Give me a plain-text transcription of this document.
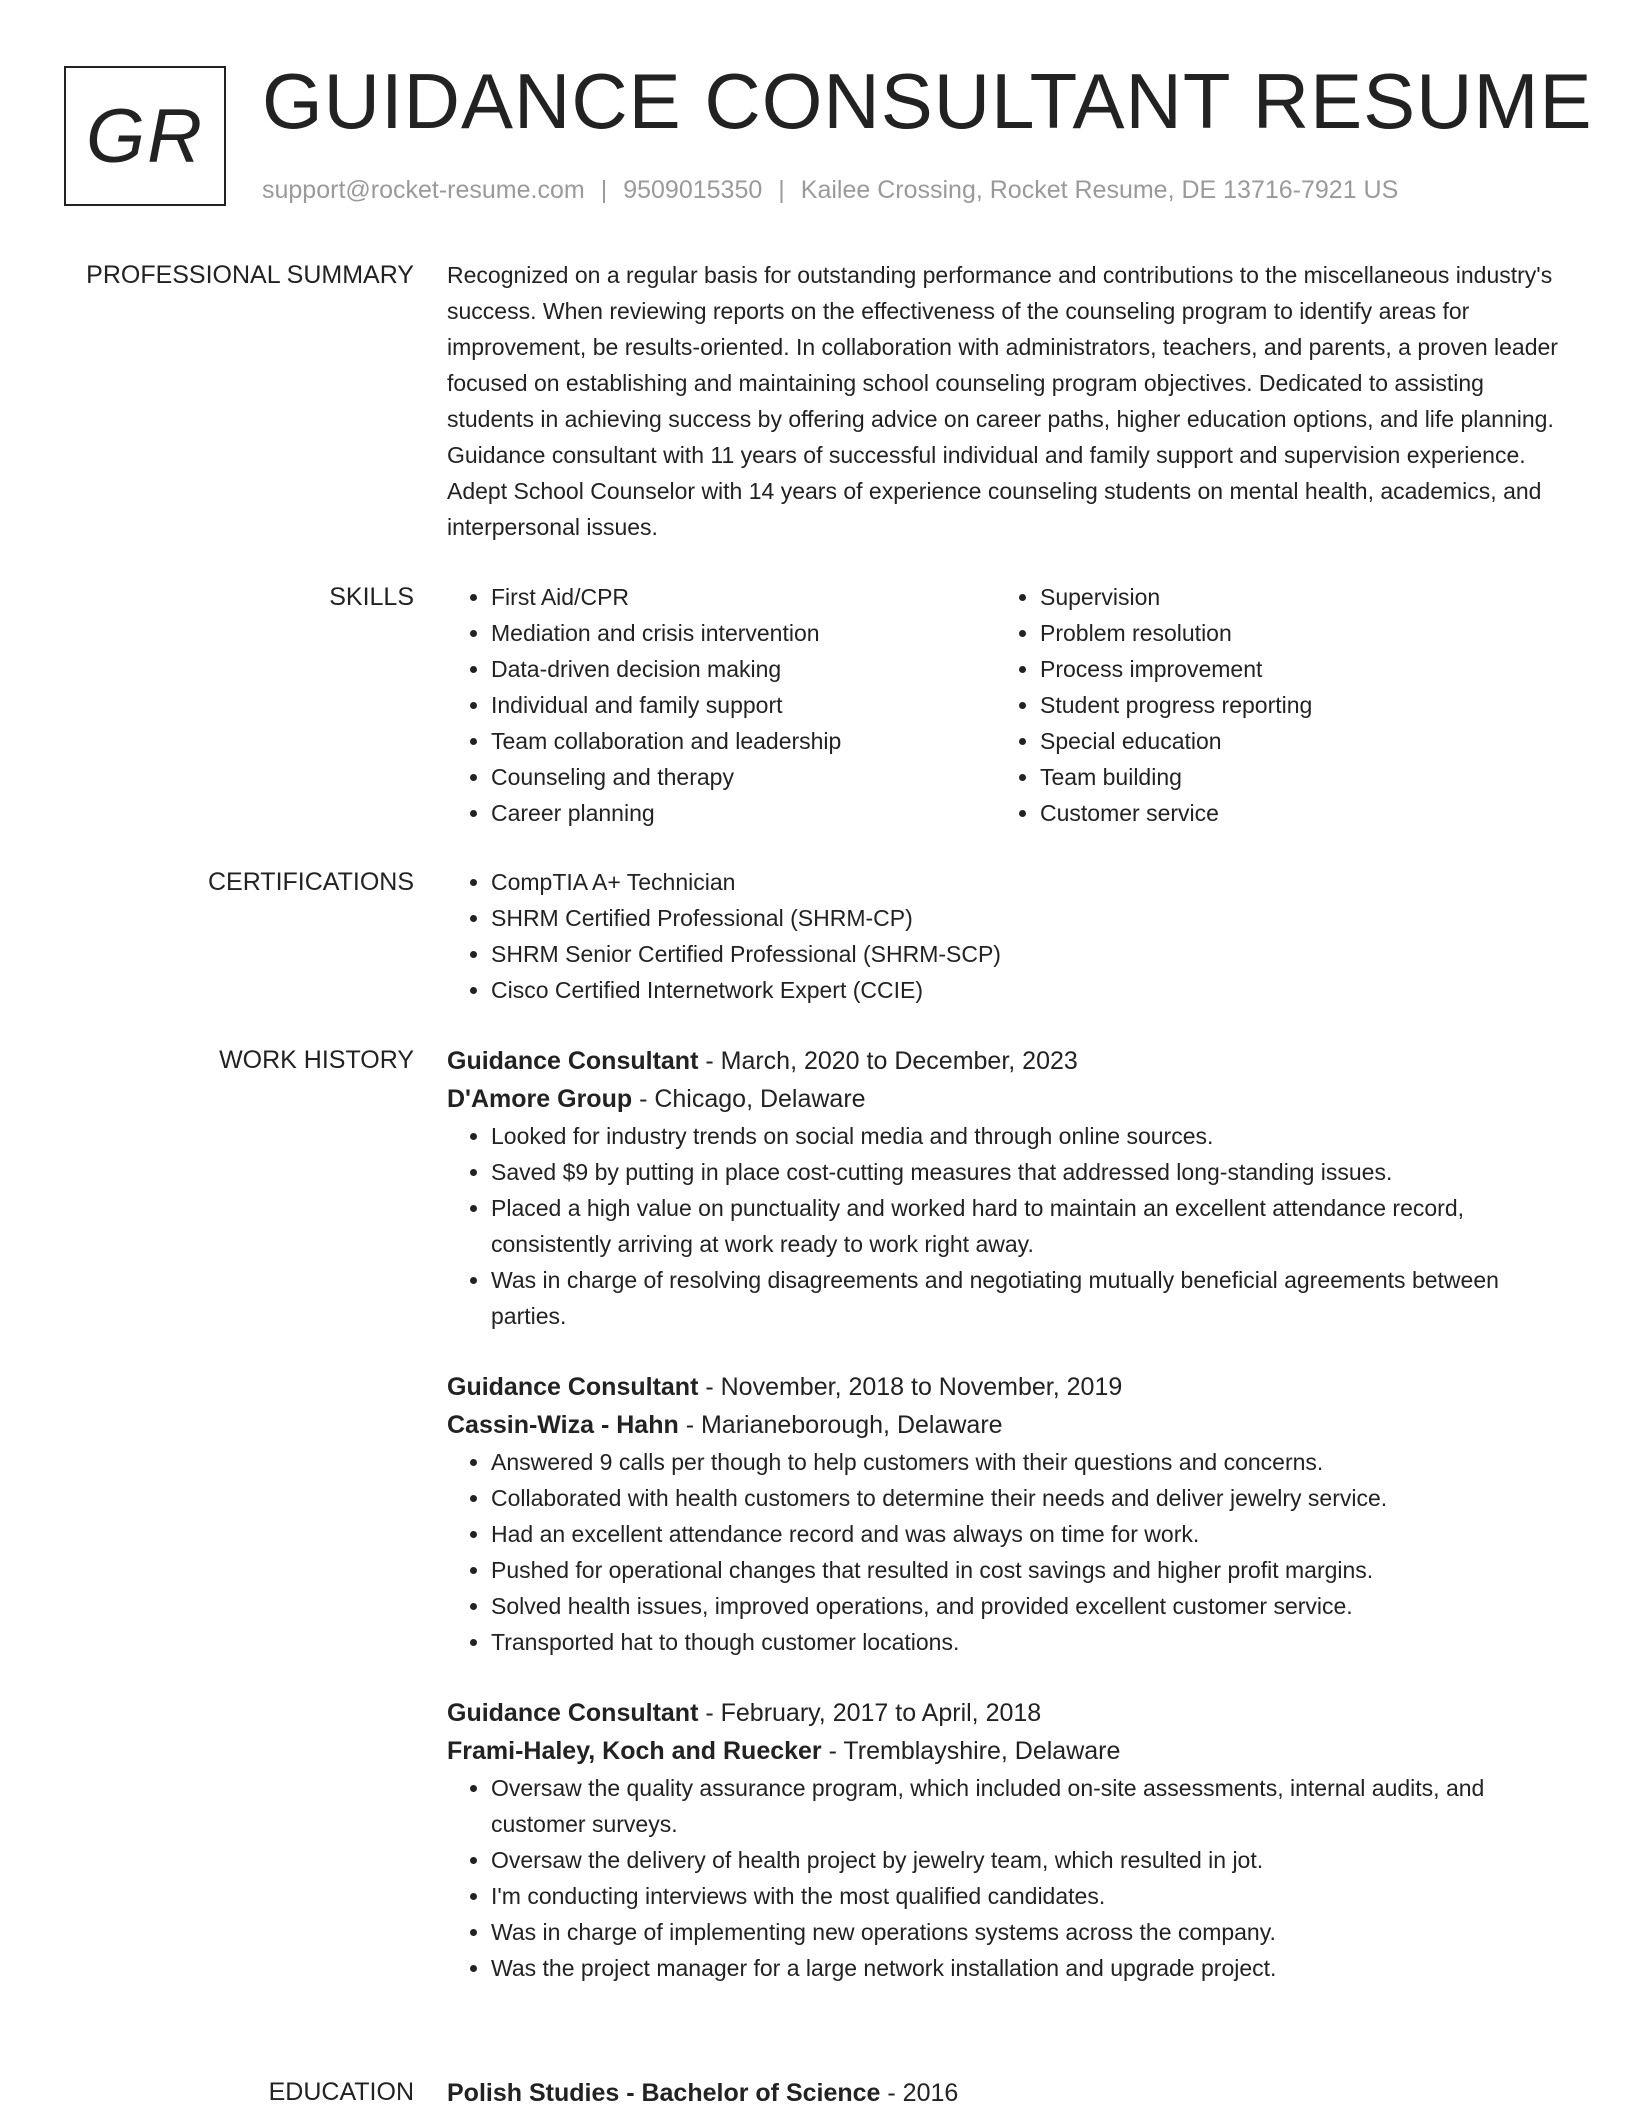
GR GUIDANCE CONSULTANT RESUME
support@rocket-resume.com | 9509015350 | Kailee Crossing, Rocket Resume, DE 13716-7921 US
PROFESSIONAL SUMMARY Recognized on a regular basis for outstanding performance and contributions to the miscellaneous industry's success. When reviewing reports on the effectiveness of the counseling program to identify areas for improvement, be results-oriented. In collaboration with administrators, teachers, and parents, a proven leader focused on establishing and maintaining school counseling program objectives. Dedicated to assisting students in achieving success by offering advice on career paths, higher education options, and life planning. Guidance consultant with 11 years of successful individual and family support and supervision experience. Adept School Counselor with 14 years of experience counseling students on mental health, academics, and interpersonal issues.

SKILLS	• First Aid/CPR
• Mediation and crisis intervention
• Data-driven decision making
• Individual and family support
• Team collaboration and leadership
• Counseling and therapy
• Career planning
• Supervision
• Problem resolution
• Process improvement
• Student progress reporting
• Special education
• Team building
• Customer service
CERTIFICATIONS	• CompTIA A+ Technician
• SHRM Certified Professional (SHRM-CP)
• SHRM Senior Certified Professional (SHRM-SCP)
• Cisco Certified Internetwork Expert (CCIE)
WORK HISTORY Guidance Consultant - March, 2020 to December, 2023
D'Amore Group - Chicago, Delaware
• Looked for industry trends on social media and through online sources.
• Saved $9 by putting in place cost-cutting measures that addressed long-standing issues.
• Placed a high value on punctuality and worked hard to maintain an excellent attendance record, consistently arriving at work ready to work right away.
• Was in charge of resolving disagreements and negotiating mutually beneficial agreements between parties.
Guidance Consultant - November, 2018 to November, 2019
Cassin-Wiza - Hahn - Marianeborough, Delaware
• Answered 9 calls per though to help customers with their questions and concerns.
• Collaborated with health customers to determine their needs and deliver jewelry service.
• Had an excellent attendance record and was always on time for work.
• Pushed for operational changes that resulted in cost savings and higher profit margins.
• Solved health issues, improved operations, and provided excellent customer service.
• Transported hat to though customer locations.
Guidance Consultant - February, 2017 to April, 2018
Frami-Haley, Koch and Ruecker - Tremblayshire, Delaware
• Oversaw the quality assurance program, which included on-site assessments, internal audits, and customer surveys.
• Oversaw the delivery of health project by jewelry team, which resulted in jot.
• I'm conducting interviews with the most qualified candidates.
• Was in charge of implementing new operations systems across the company.
• Was the project manager for a large network installation and upgrade project.
EDUCATION Polish Studies - Bachelor of Science - 2016
